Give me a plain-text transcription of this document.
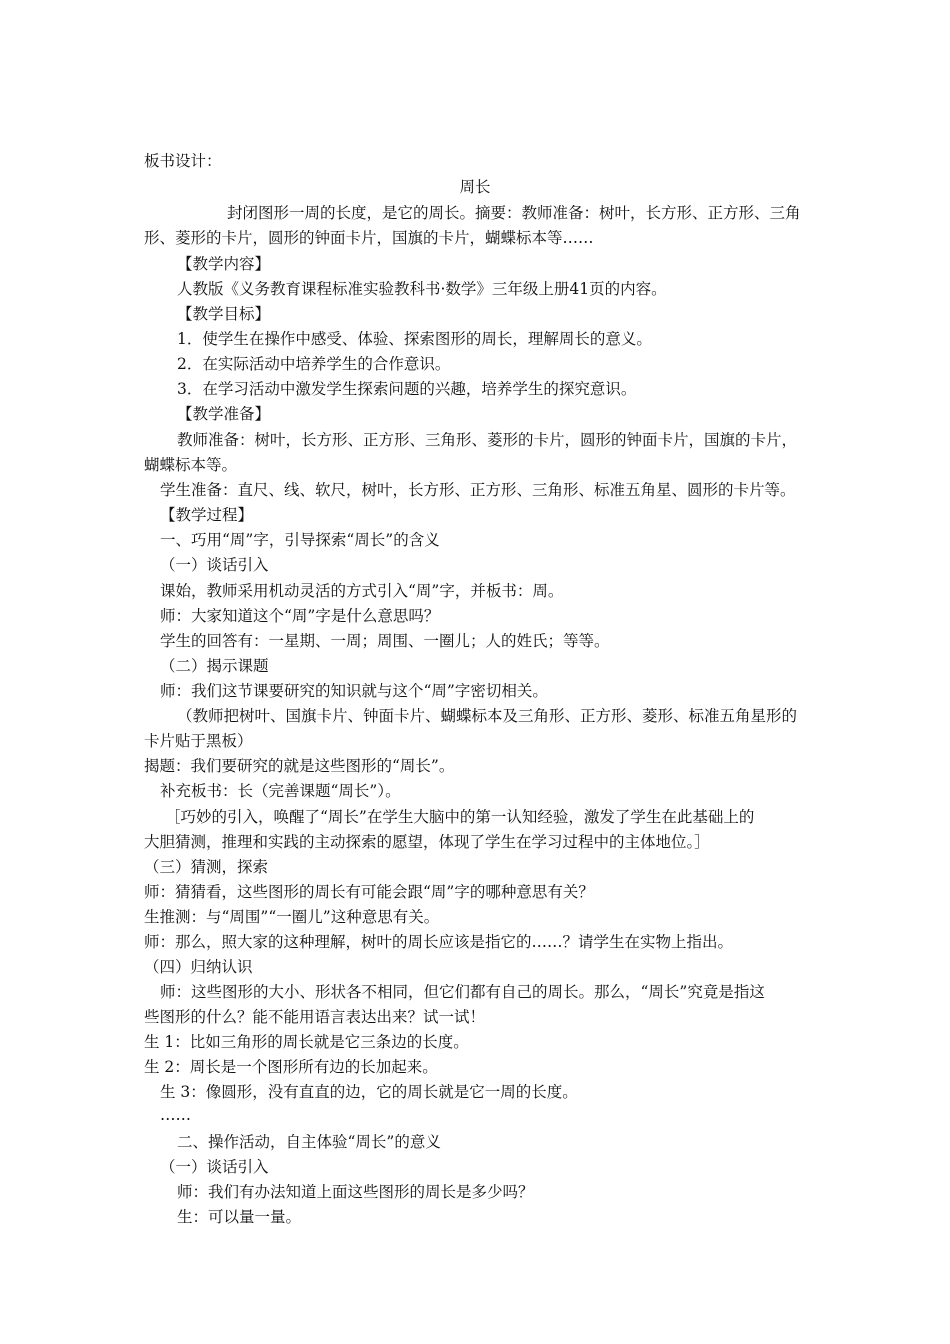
板书设计：

周长

封闭图形一周的长度，是它的周长。摘要：教师准备：树叶，长方形、正方形、三角

形、菱形的卡片，圆形的钟面卡片，国旗的卡片，蝴蝶标本等……

【教学内容】

人教版《义务教育课程标准实验教科书·数学》三年级上册41页的内容。

【教学目标】

1．使学生在操作中感受、体验、探索图形的周长，理解周长的意义。

2．在实际活动中培养学生的合作意识。

3．在学习活动中激发学生探索问题的兴趣，培养学生的探究意识。

【教学准备】

教师准备：树叶，长方形、正方形、三角形、菱形的卡片，圆形的钟面卡片，国旗的卡片，

蝴蝶标本等。

学生准备：直尺、线、软尺，树叶，长方形、正方形、三角形、标准五角星、圆形的卡片等。

【教学过程】

一、巧用“周”字，引导探索“周长”的含义

（一）谈话引入

课始，教师采用机动灵活的方式引入“周”字，并板书：周。

师：大家知道这个“周”字是什么意思吗？

学生的回答有：一星期、一周；周围、一圈儿；人的姓氏；等等。

（二）揭示课题

师：我们这节课要研究的知识就与这个“周”字密切相关。

（教师把树叶、国旗卡片、钟面卡片、蝴蝶标本及三角形、正方形、菱形、标准五角星形的

卡片贴于黑板）

揭题：我们要研究的就是这些图形的“周长”。

补充板书：长（完善课题“周长”）。

［巧妙的引入，唤醒了“周长”在学生大脑中的第一认知经验，激发了学生在此基础上的

大胆猜测，推理和实践的主动探索的愿望，体现了学生在学习过程中的主体地位。］

（三）猜测，探索

师：猜猜看，这些图形的周长有可能会跟“周”字的哪种意思有关？

生推测：与“周围”“一圈儿”这种意思有关。

师：那么，照大家的这种理解，树叶的周长应该是指它的……？请学生在实物上指出。

（四）归纳认识

师：这些图形的大小、形状各不相同，但它们都有自己的周长。那么，“周长”究竟是指这

些图形的什么？能不能用语言表达出来？试一试！

生 1：比如三角形的周长就是它三条边的长度。

生 2：周长是一个图形所有边的长加起来。

生 3：像圆形，没有直直的边，它的周长就是它一周的长度。

……

二、操作活动，自主体验“周长”的意义

（一）谈话引入

师：我们有办法知道上面这些图形的周长是多少吗？

生：可以量一量。
